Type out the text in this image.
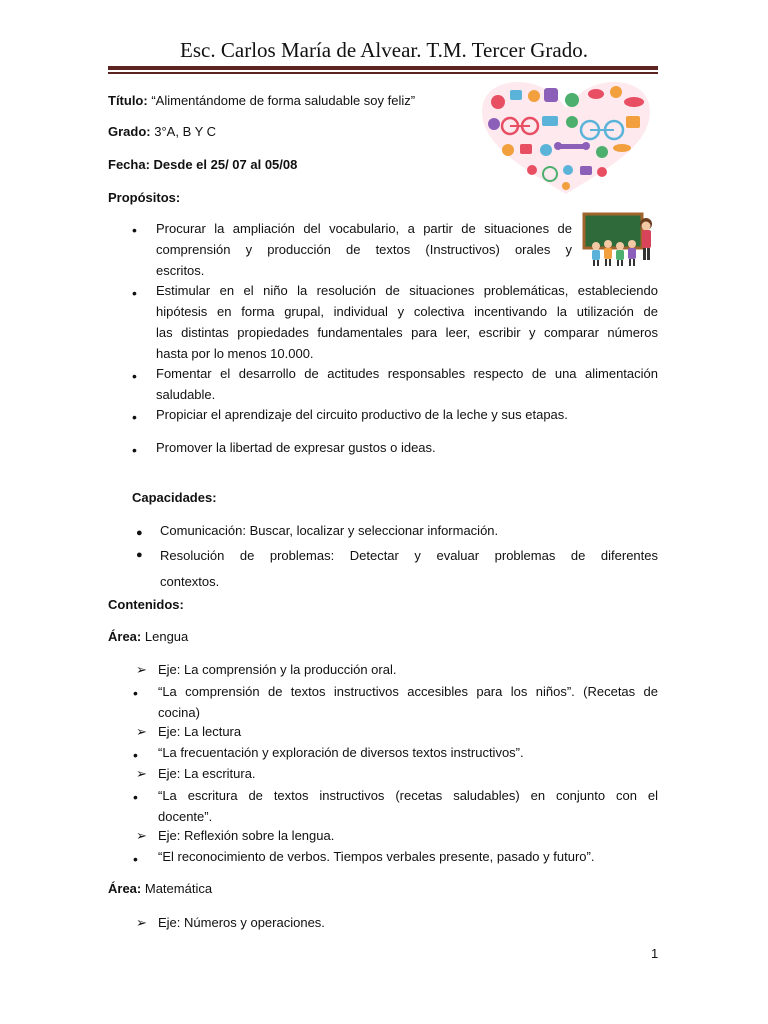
Esc. Carlos María de Alvear. T.M. Tercer Grado.
Título: “Alimentándome de forma saludable soy feliz”
Grado: 3°A, B Y C
Fecha: Desde el 25/ 07 al 05/08
Propósitos:
• Procurar la ampliación del vocabulario, a partir de situaciones de
comprensión y producción de textos (Instructivos) orales y
escritos.
• Estimular en el niño la resolución de situaciones problemáticas, estableciendo
hipótesis en forma grupal, individual y colectiva incentivando la utilización de
las distintas propiedades fundamentales para leer, escribir y comparar números
hasta por lo menos 10.000.
• Fomentar el desarrollo de actitudes responsables respecto de una alimentación
saludable.
• Propiciar el aprendizaje del circuito productivo de la leche y sus etapas.
• Promover la libertad de expresar gustos o ideas.
Capacidades:
● Comunicación: Buscar, localizar y seleccionar información.
● Resolución de problemas: Detectar y evaluar problemas de diferentes
contextos.
Contenidos:
Área: Lengua
➢ Eje: La comprensión y la producción oral.
• “La comprensión de textos instructivos accesibles para los niños”. (Recetas de
cocina)
➢ Eje: La lectura
• “La frecuentación y exploración de diversos textos instructivos”.
➢ Eje: La escritura.
• “La escritura de textos instructivos (recetas saludables) en conjunto con el
docente”.
➢ Eje: Reflexión sobre la lengua.
• “El reconocimiento de verbos. Tiempos verbales presente, pasado y futuro”.
Área: Matemática
➢ Eje: Números y operaciones.
1
